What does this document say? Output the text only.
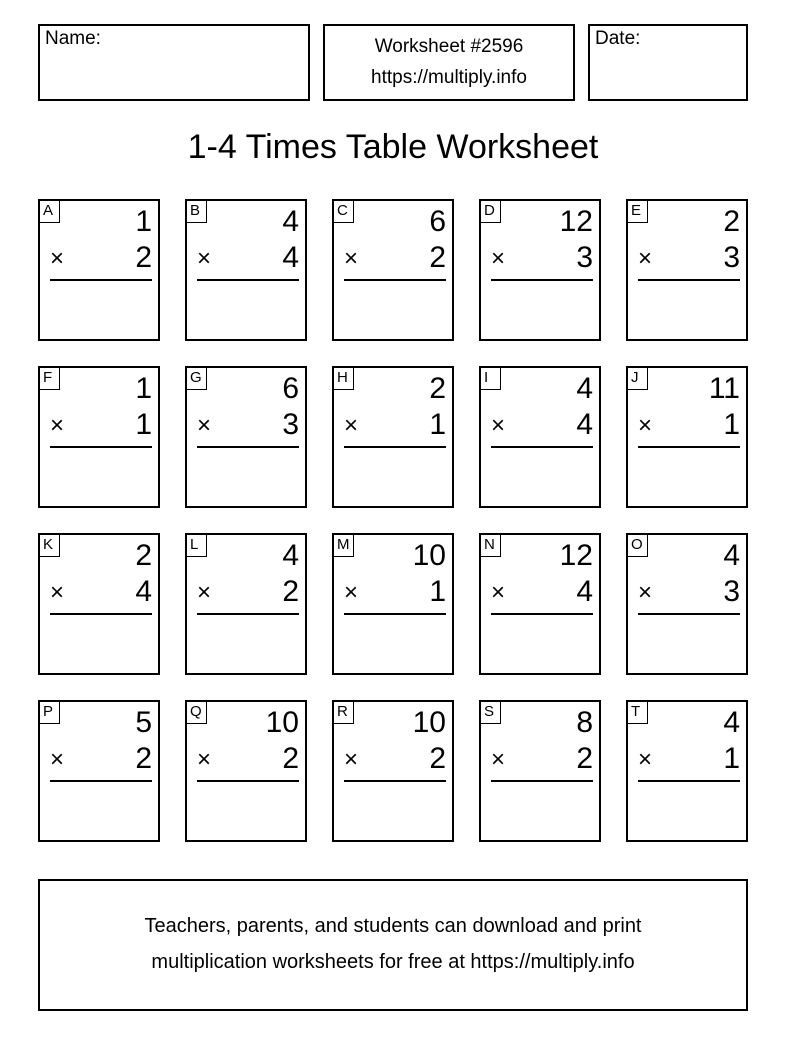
Name:	Worksheet #2596
https://multiply.info
Date:
1-4 Times Table Worksheet
A	1
× 2
B	4
× 4
C	6
× 2
D 12
× 3
E	2
× 3
F	1
× 1
G	6
× 3
H	2
× 1
I	4
× 4
J	11
× 1
K	2
× 4
L	4
× 2
M 10
× 1
N 12
× 4
O	4
× 3
P	5
× 2
Q 10
× 2
R 10
× 2
S	8
× 2
T	4
× 1
Teachers, parents, and students can download and print
multiplication worksheets for free at https://multiply.info
